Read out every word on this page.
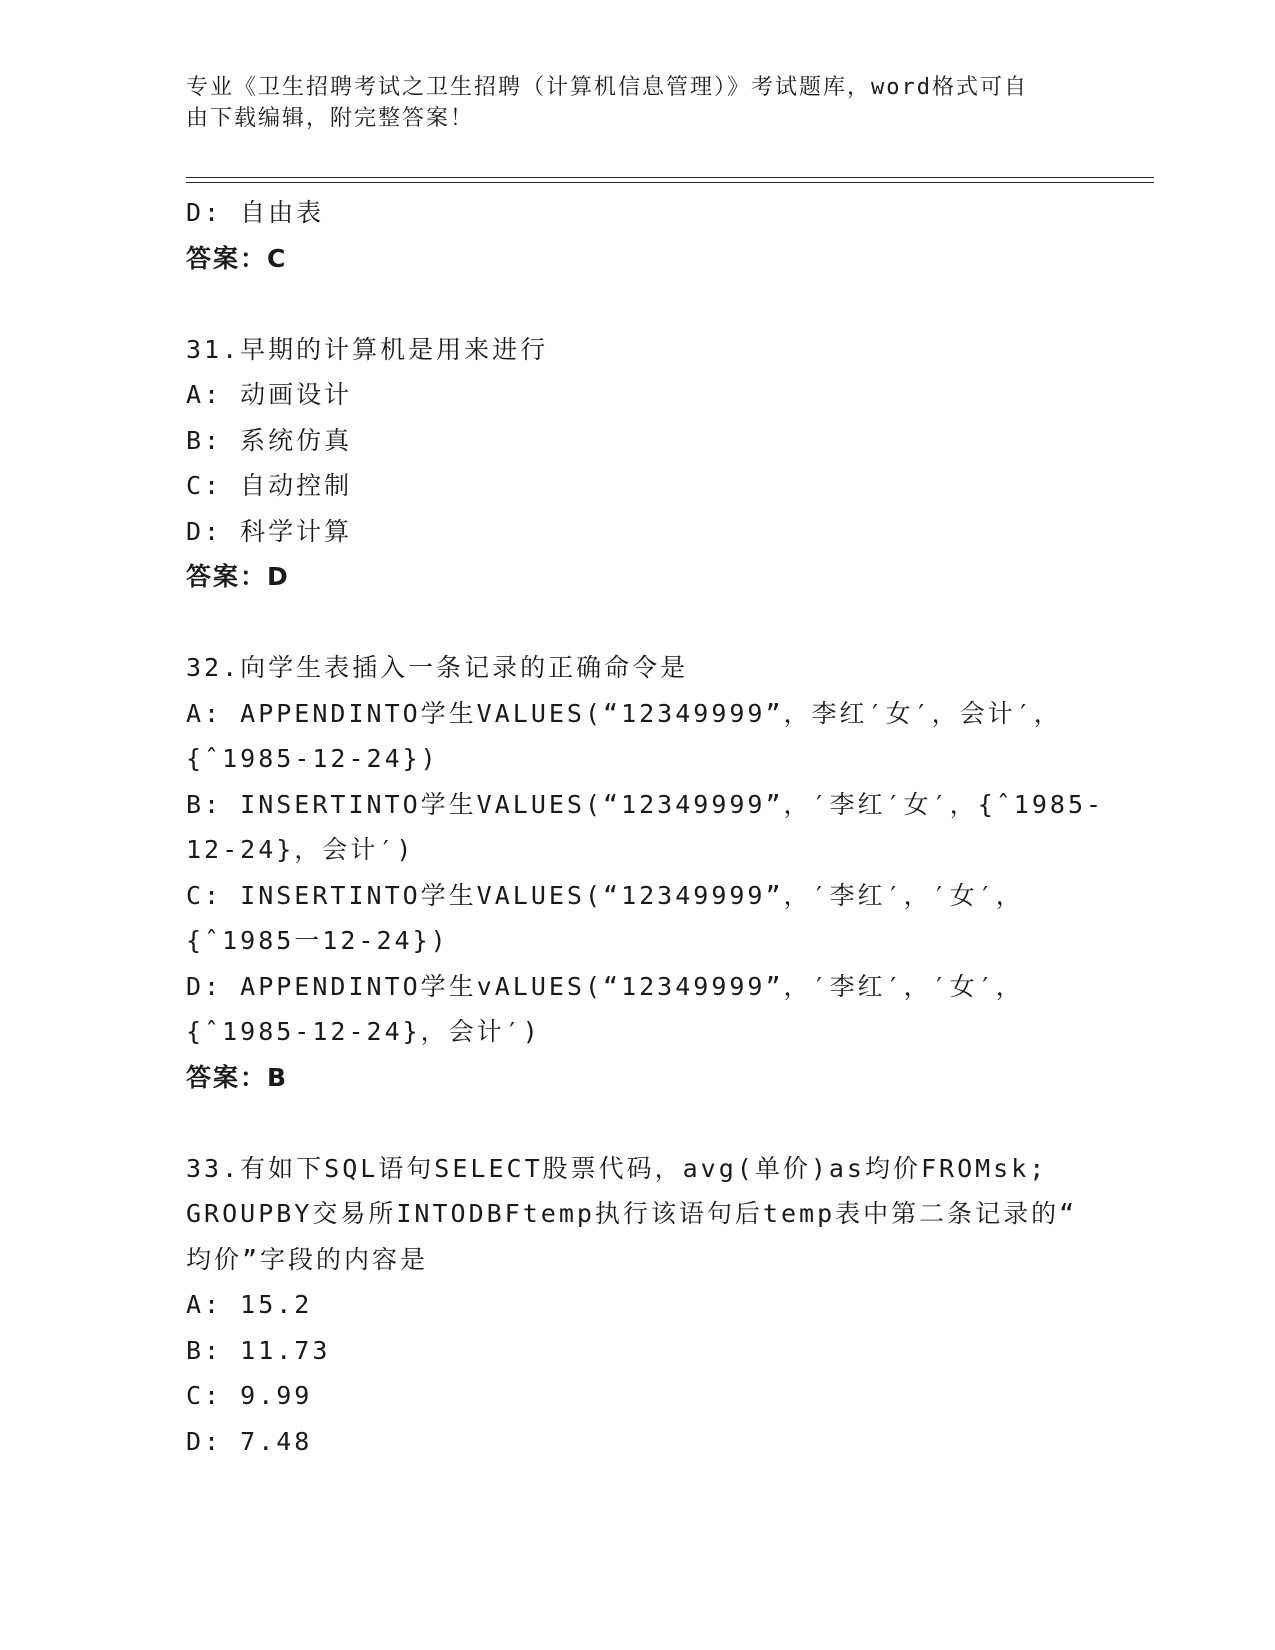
专业《卫生招聘考试之卫生招聘（计算机信息管理）》考试题库，word格式可自
由下载编辑，附完整答案！
D: 自由表
答案：C
31.早期的计算机是用来进行
A: 动画设计
B: 系统仿真
C: 自动控制
D: 科学计算
答案：D
32.向学生表插入一条记录的正确命令是
A: APPENDINTO学生VALUES(“12349999”，李红′女′，会计′，
{ˆ1985-12-24})
B: INSERTINTO学生VALUES(“12349999”，′李红′女′，{ˆ1985-
12-24}，会计′)
C: INSERTINTO学生VALUES(“12349999”，′李红′，′女′，
{ˆ1985一12-24})
D: APPENDINTO学生vALUES(“12349999”，′李红′，′女′，
{ˆ1985-12-24}，会计′)
答案：B
33.有如下SQL语句SELECT股票代码，avg(单价)as均价FROMsk;
GROUPBY交易所INTODBFtemp执行该语句后temp表中第二条记录的“
均价”字段的内容是
A: 15.2
B: 11.73
C: 9.99
D: 7.48
